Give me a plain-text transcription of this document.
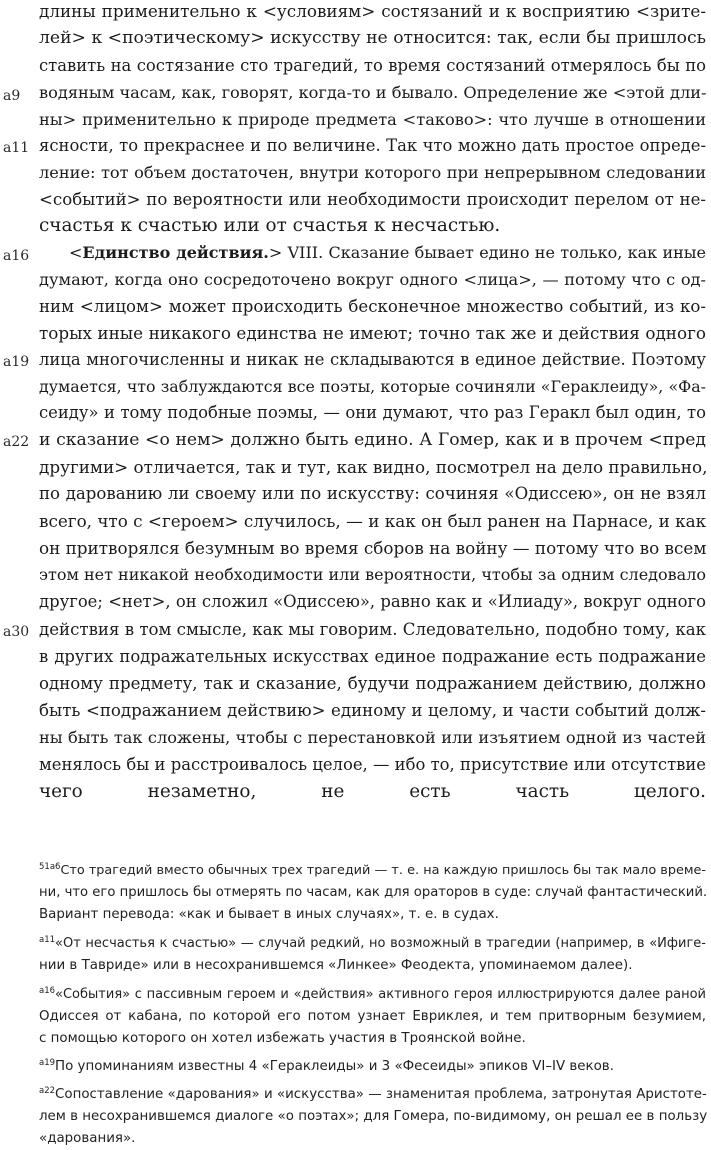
a9
a11
a16
a19
a22
a30
длины применительно к <условиям> состязаний и к восприятию <зрите-
лей> к <поэтическому> искусству не относится: так, если бы пришлось
ставить на состязание сто трагедий, то время состязаний отмерялось бы по
водяным часам, как, говорят, когда-то и бывало. Определение же <этой дли-
ны> применительно к природе предмета <таково>: что лучше в отношении
ясности, то прекраснее и по величине. Так что можно дать простое опреде-
ление: тот объем достаточен, внутри которого при непрерывном следовании
<событий> по вероятности или необходимости происходит перелом от не-
счастья к счастью или от счастья к несчастью.
<Единство действия.> VIII. Сказание бывает едино не только, как иные
думают, когда оно сосредоточено вокруг одного <лица>, — потому что с од-
ним <лицом> может происходить бесконечное множество событий, из ко-
торых иные никакого единства не имеют; точно так же и действия одного
лица многочисленны и никак не складываются в единое действие. Поэтому
думается, что заблуждаются все поэты, которые сочиняли «Гераклеиду», «Фа-
сеиду» и тому подобные поэмы, — они думают, что раз Геракл был один, то
и сказание <о нем> должно быть едино. А Гомер, как и в прочем <пред
другими> отличается, так и тут, как видно, посмотрел на дело правильно,
по дарованию ли своему или по искусству: сочиняя «Одиссею», он не взял
всего, что с <героем> случилось, — и как он был ранен на Парнасе, и как
он притворялся безумным во время сборов на войну — потому что во всем
этом нет никакой необходимости или вероятности, чтобы за одним следовало
другое; <нет>, он сложил «Одиссею», равно как и «Илиаду», вокруг одного
действия в том смысле, как мы говорим. Следовательно, подобно тому, как
в других подражательных искусствах единое подражание есть подражание
одному предмету, так и сказание, будучи подражанием действию, должно
быть <подражанием действию> единому и целому, и части событий долж-
ны быть так сложены, чтобы с перестановкой или изъятием одной из частей
менялось бы и расстроивалось целое, — ибо то, присутствие или отсутствие
чего незаметно, не есть часть целого.
$^{51a6}$Сто трагедий вместо обычных трех трагедий — т. е. на каждую пришлось бы так мало време-
ни, что его пришлось бы отмерять по часам, как для ораторов в суде: случай фантастический.
Вариант перевода: «как и бывает в иных случаях», т. е. в судах.
$^{a11}$«От несчастья к счастью» — случай редкий, но возможный в трагедии (например, в «Ифиге-
нии в Тавриде» или в несохранившемся «Линкее» Феодекта, упоминаемом далее).
$^{a16}$«События» с пассивным героем и «действия» активного героя иллюстрируются далее раной
Одиссея от кабана, по которой его потом узнает Евриклея, и тем притворным безумием,
с помощью которого он хотел избежать участия в Троянской войне.
$^{a19}$По упоминаниям известны 4 «Гераклеиды» и 3 «Фесеиды» эпиков VI–IV веков.
$^{a22}$Сопоставление «дарования» и «искусства» — знаменитая проблема, затронутая Аристоте-
лем в несохранившемся диалоге «о поэтах»; для Гомера, по-видимому, он решал ее в пользу
«дарования».
